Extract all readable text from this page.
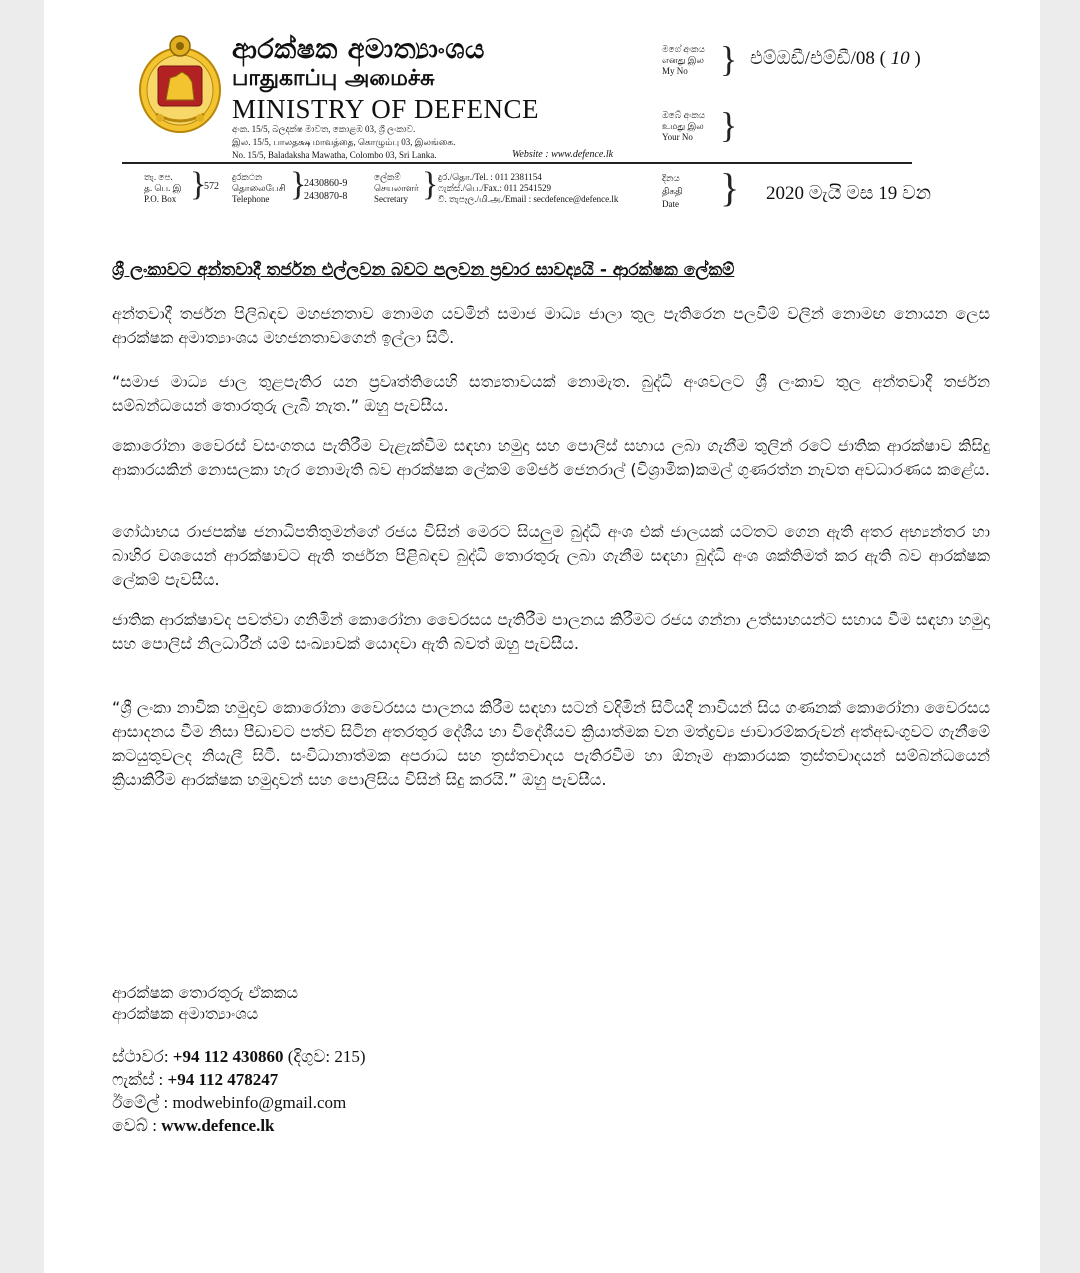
ආරක්ෂක අමාත්‍යාංශය
பாதுகாப்பு அமைச்சு
MINISTRY OF DEFENCE
අංක. 15/5, බලදක්ෂ මාවත, කොළඹ 03, ශ්‍රී ලංකාව.
இல. 15/5, பாலதக்ஷ மாவத்தை, கொழும்பு 03, இலங்கை.
No. 15/5, Baladaksha Mawatha, Colombo 03, Sri Lanka.	Website : www.defence.lk
මගේ අංකය
எனது இல
My No } එම්ඔඩී/එම්ඩී/08 ( 10 )
ඔබේ අංකය
உமது இல
Your No }
තැ. පෙ.
த. பெ. இ
P.O. Box }
572
දුරකථන
தொலைபேசி
Telephone }
2430860-9
2430870-8
ලේකම්
செயலாளர்
Secretary } දුර./தொ./Tel. : 011 2381154
ෆැක්ස්./பெ./Fax.: 011 2541529
වි. තැපෑල./மி.அ./Email : secdefence@defence.lk
දිනය
திகதி
Date } 2020 මැයි මස 19 වන
ශ්‍රී ලංකාවට අන්තවාදී තර්ජන එල්ලවන බවට පලවන ප්‍රචාර සාවද්‍යයි - ආරක්ෂක ලේකම්
අන්තවාදී තර්ජන පිලිබඳව මහජනතාව නොමග යවමින් සමාජ මාධ්‍ය ජාලා තුල පැතිරෙන පලවීම් වලින් නොමඟ නොයන ලෙස ආරක්ෂක අමාත්‍යාංශය මහජනතාවගෙන් ඉල්ලා සිටී.
“සමාජ මාධ්‍ය ජාල තුළපැතිර යන ප්‍රවෘත්තියෙහි සත්‍යතාවයක් නොමැත. බුද්ධි අංශවලට ශ්‍රී ලංකාව තුල අන්තවාදී තර්ජන සම්බන්ධයෙන් තොරතුරු ලැබී නැත.” ඔහු පැවසීය.
කොරෝනා වෛරස් වසංගතය පැතිරීම වැළැක්වීම සඳහා හමුදා සහ පොලිස් සහාය ලබා ගැනීම තුලින් රටේ ජාතික ආරක්ෂාව කිසිදු ආකාරයකින් නොසලකා හැර නොමැති බව ආරක්ෂක ලේකම් මේජර් ජෙනරාල් (විශ්‍රාමික)කමල් ගුණරත්න නැවත අවධාරණය කළේය.
ගෝඨාභය රාජපක්ෂ ජනාධිපතිතුමන්ගේ රජය විසින් මෙරට සියලුම බුද්ධි අංශ එක් ජාලයක් යටතට ගෙන ඇති අතර අභ්‍යන්තර හා බාහිර වශයෙන් ආරක්ෂාවට ඇති තර්ජන පිළිබඳව බුද්ධි තොරතුරු ලබා ගැනීම සඳහා බුද්ධි අංශ ශක්තිමත් කර ඇති බව ආරක්ෂක ලේකම් පැවසීය.
ජාතික ආරක්ෂාවද පවත්වා ගනිමින් කොරෝනා වෛරසය පැතිරීම පාලනය කිරීමට රජය ගන්නා උත්සාහයන්ට සහාය වීම සඳහා හමුදා සහ පොලිස් නිලධාරීන් යම් සංඛ්‍යාවක් යොදවා ඇති බවත් ඔහු පැවසීය.
“ශ්‍රී ලංකා නාවික හමුදාව කොරෝනා වෛරසය පාලනය කිරීම සඳහා සටන් වදිමින් සිටියදී නාවියන් සිය ගණනක් කොරෝනා වෛරසය ආසාදනය වීම නිසා පීඩාවට පත්ව සිටින අතරතුර දේශීය හා විදේශීයව ක්‍රියාත්මක වන මත්ද්‍රව්‍ය ජාවාරම්කරුවන් අත්අඩංගුවට ගැනීමේ කටයුතුවලද නියැලී සිටී. සංවිධානාත්මක අපරාධ සහ ත්‍රස්තවාදය පැතිරවීම හා ඕනෑම ආකාරයක ත්‍රස්තවාදයන් සම්බන්ධයෙන් ක්‍රියාකිරීම ආරක්ෂක හමුදාවන් සහ පොලිසිය විසින් සිදු කරයි.” ඔහු පැවසීය.
ආරක්ෂක තොරතුරු ඒකකය
ආරක්ෂක අමාත්‍යාංශය
ස්ථාවර: +94 112 430860 (දිගුව: 215)
ෆැක්ස් : +94 112 478247
ඊමේල් : modwebinfo@gmail.com
වෙබ් : www.defence.lk
